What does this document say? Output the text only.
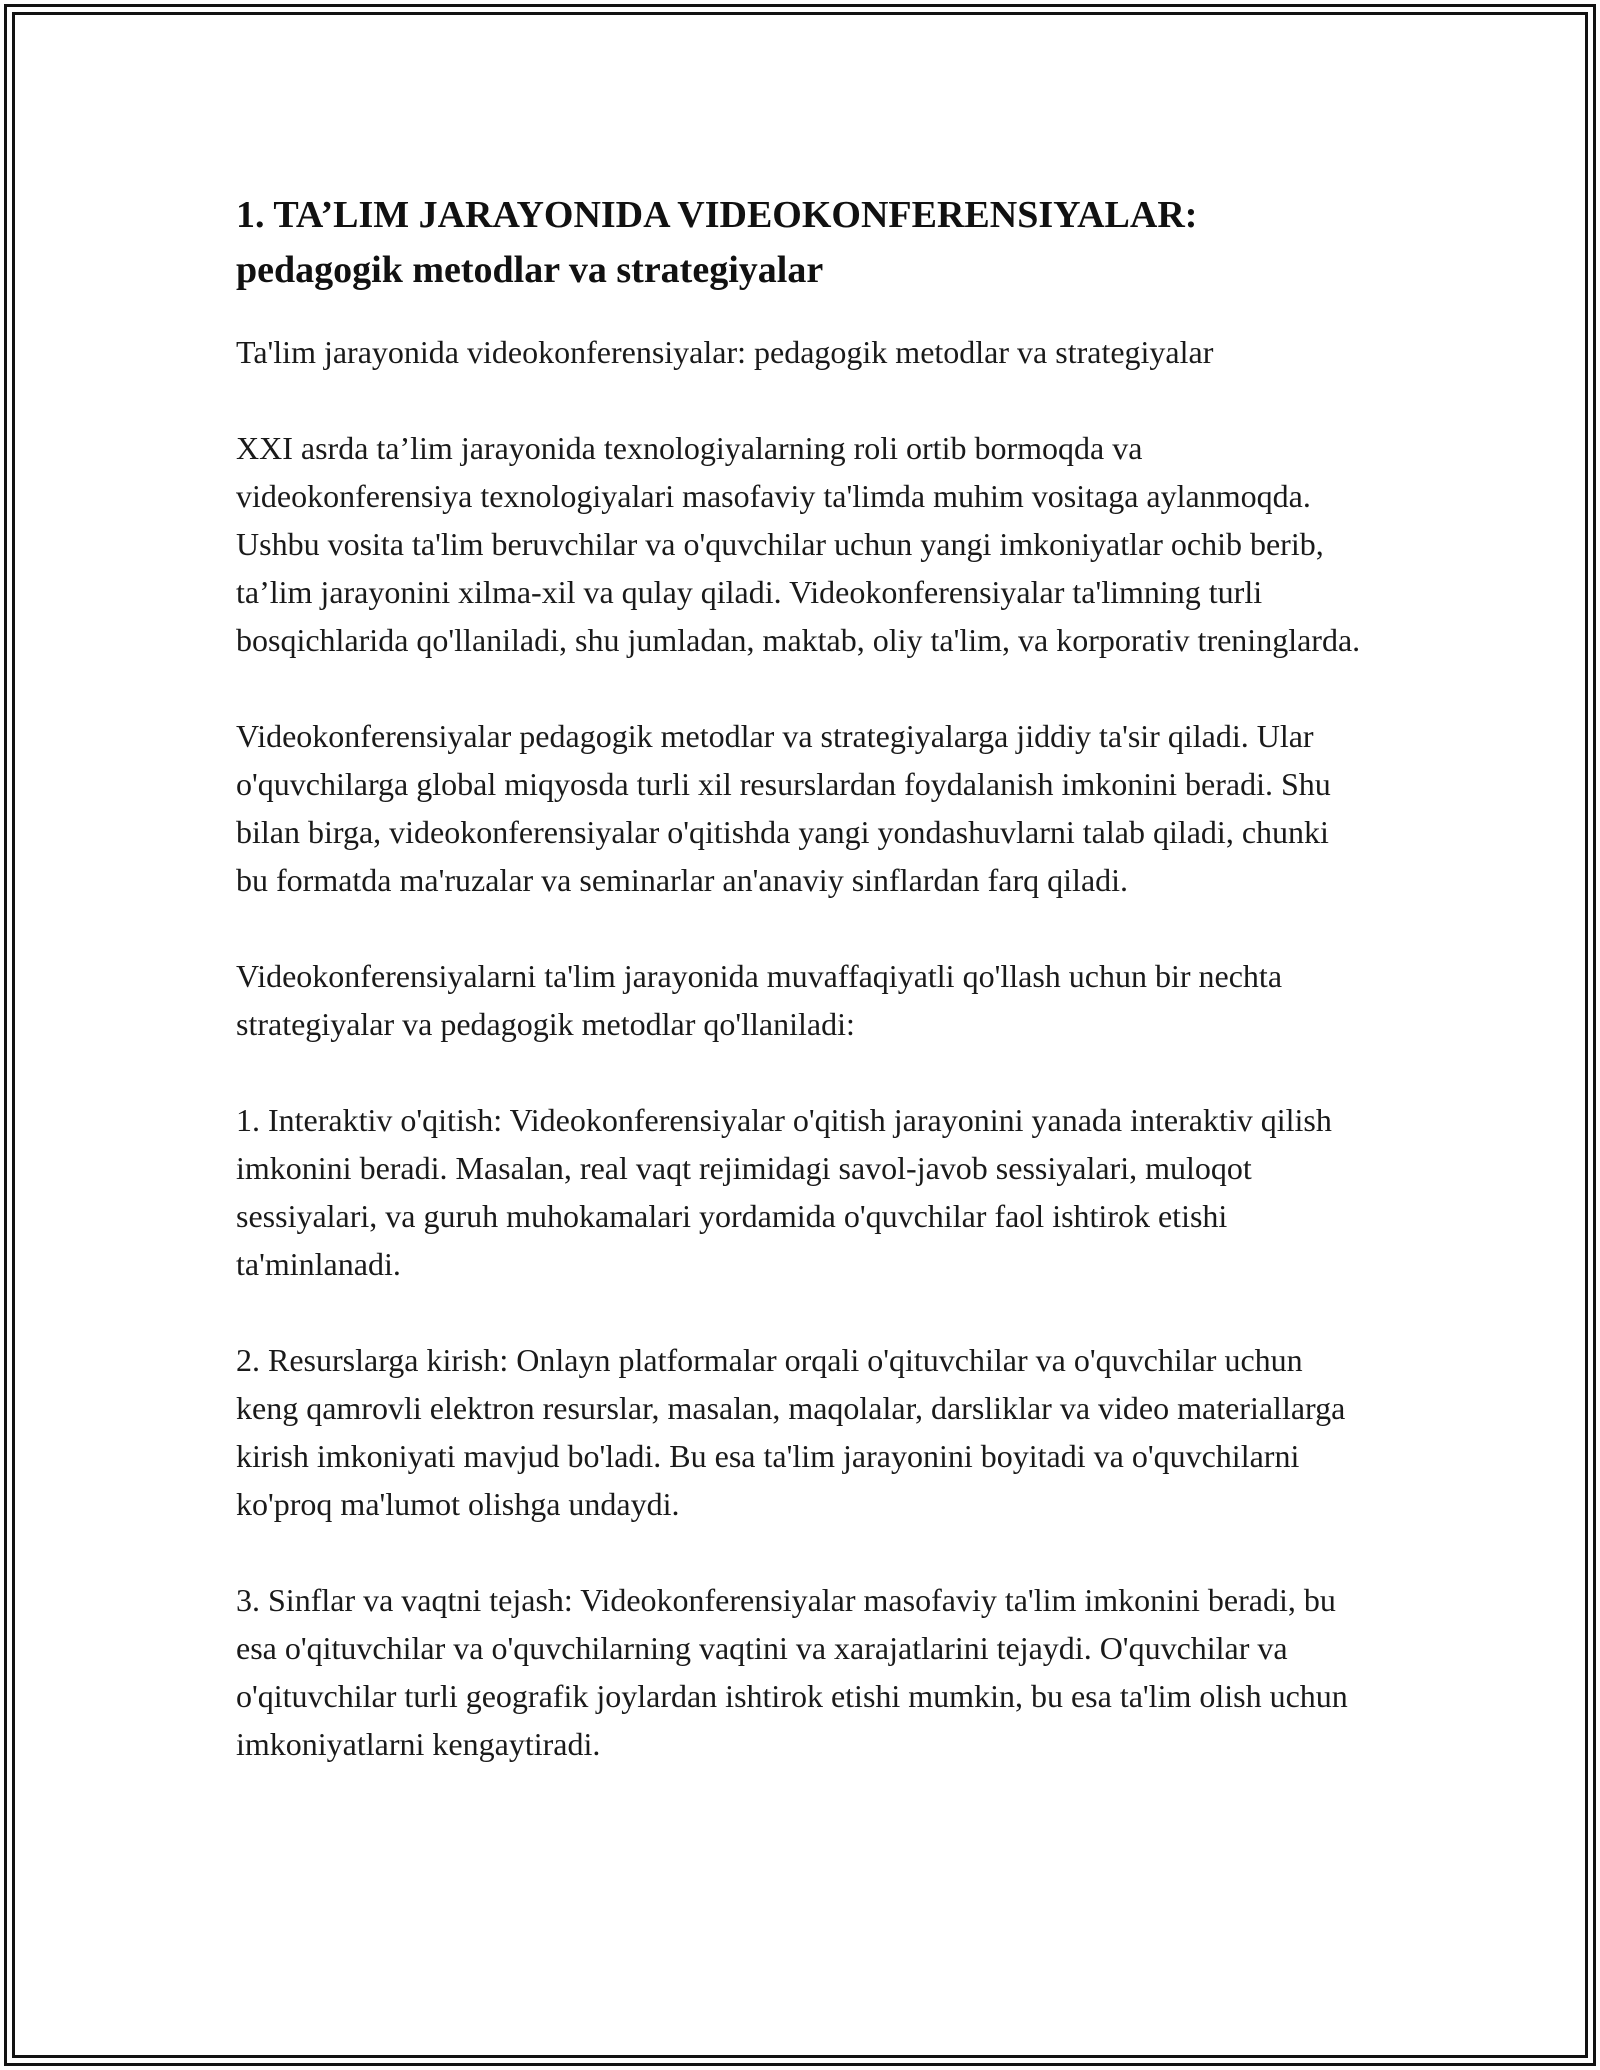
1. TA’LIM JARAYONIDA VIDEOKONFERENSIYALAR: pedagogik metodlar va strategiyalar

Ta'lim jarayonida videokonferensiyalar: pedagogik metodlar va strategiyalar

XXI asrda ta’lim jarayonida texnologiyalarning roli ortib bormoqda va videokonferensiya texnologiyalari masofaviy ta'limda muhim vositaga aylanmoqda. Ushbu vosita ta'lim beruvchilar va o'quvchilar uchun yangi imkoniyatlar ochib berib, ta’lim jarayonini xilma-xil va qulay qiladi. Videokonferensiyalar ta'limning turli bosqichlarida qo'llaniladi, shu jumladan, maktab, oliy ta'lim, va korporativ treninglarda.

Videokonferensiyalar pedagogik metodlar va strategiyalarga jiddiy ta'sir qiladi. Ular o'quvchilarga global miqyosda turli xil resurslardan foydalanish imkonini beradi. Shu bilan birga, videokonferensiyalar o'qitishda yangi yondashuvlarni talab qiladi, chunki bu formatda ma'ruzalar va seminarlar an'anaviy sinflardan farq qiladi.

Videokonferensiyalarni ta'lim jarayonida muvaffaqiyatli qo'llash uchun bir nechta strategiyalar va pedagogik metodlar qo'llaniladi:

1. Interaktiv o'qitish: Videokonferensiyalar o'qitish jarayonini yanada interaktiv qilish imkonini beradi. Masalan, real vaqt rejimidagi savol-javob sessiyalari, muloqot sessiyalari, va guruh muhokamalari yordamida o'quvchilar faol ishtirok etishi ta'minlanadi.

2. Resurslarga kirish: Onlayn platformalar orqali o'qituvchilar va o'quvchilar uchun keng qamrovli elektron resurslar, masalan, maqolalar, darsliklar va video materiallarga kirish imkoniyati mavjud bo'ladi. Bu esa ta'lim jarayonini boyitadi va o'quvchilarni ko'proq ma'lumot olishga undaydi.

3. Sinflar va vaqtni tejash: Videokonferensiyalar masofaviy ta'lim imkonini beradi, bu esa o'qituvchilar va o'quvchilarning vaqtini va xarajatlarini tejaydi. O'quvchilar va o'qituvchilar turli geografik joylardan ishtirok etishi mumkin, bu esa ta'lim olish uchun imkoniyatlarni kengaytiradi.
